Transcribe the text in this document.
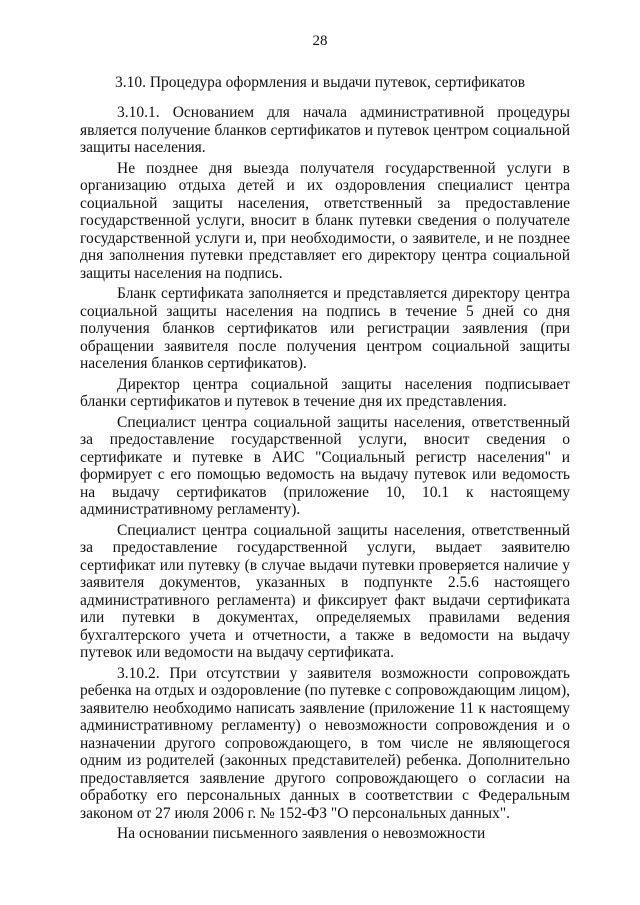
28
3.10. Процедура оформления и выдачи путевок, сертификатов

3.10.1. Основанием для начала административной процедуры является получение бланков сертификатов и путевок центром социальной защиты населения.

Не позднее дня выезда получателя государственной услуги в организацию отдыха детей и их оздоровления специалист центра социальной защиты населения, ответственный за предоставление государственной услуги, вносит в бланк путевки сведения о получателе государственной услуги и, при необходимости, о заявителе, и не позднее дня заполнения путевки представляет его директору центра социальной защиты населения на подпись.

Бланк сертификата заполняется и представляется директору центра социальной защиты населения на подпись в течение 5 дней со дня получения бланков сертификатов или регистрации заявления (при обращении заявителя после получения центром социальной защиты населения бланков сертификатов).

Директор центра социальной защиты населения подписывает бланки сертификатов и путевок в течение дня их представления.

Специалист центра социальной защиты населения, ответственный за предоставление государственной услуги, вносит сведения о сертификате и путевке в АИС "Социальный регистр населения" и формирует с его помощью ведомость на выдачу путевок или ведомость на выдачу сертификатов (приложение 10, 10.1 к настоящему административному регламенту).

Специалист центра социальной защиты населения, ответственный за предоставление государственной услуги, выдает заявителю сертификат или путевку (в случае выдачи путевки проверяется наличие у заявителя документов, указанных в подпункте 2.5.6 настоящего административного регламента) и фиксирует факт выдачи сертификата или путевки в документах, определяемых правилами ведения бухгалтерского учета и отчетности, а также в ведомости на выдачу путевок или ведомости на выдачу сертификата.

3.10.2. При отсутствии у заявителя возможности сопровождать ребенка на отдых и оздоровление (по путевке с сопровождающим лицом), заявителю необходимо написать заявление (приложение 11 к настоящему административному регламенту) о невозможности сопровождения и о назначении другого сопровождающего, в том числе не являющегося одним из родителей (законных представителей) ребенка. Дополнительно предоставляется заявление другого сопровождающего о согласии на обработку его персональных данных в соответствии с Федеральным законом от 27 июля 2006 г. № 152-ФЗ "О персональных данных".

На основании письменного заявления о невозможности
